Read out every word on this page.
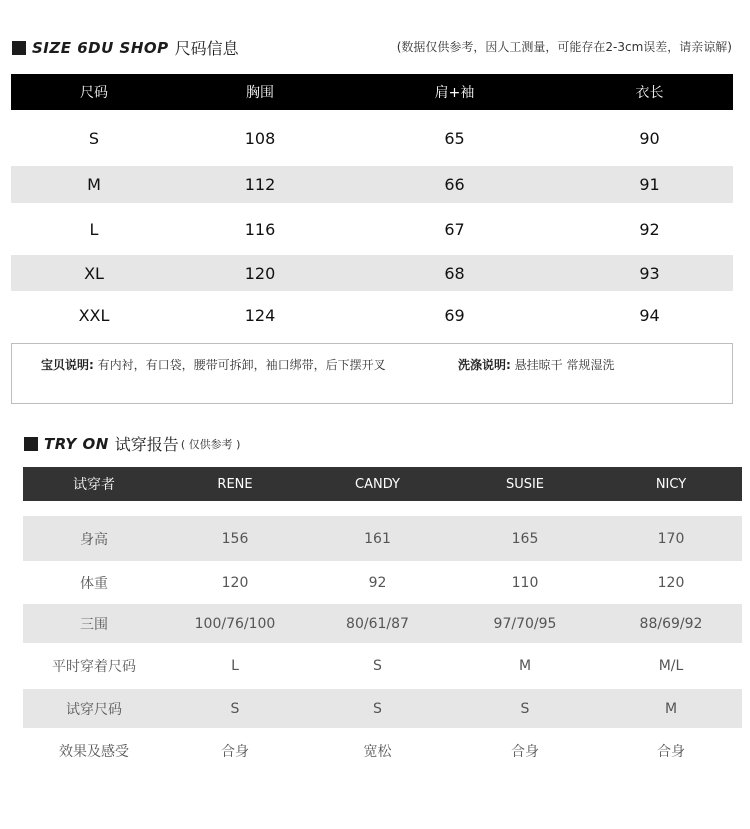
SIZE 6DU SHOP 尺码信息	(数据仅供参考，因人工测量，可能存在2-3cm误差，请亲谅解)
尺码	胸围	肩+袖	衣长
S	108	65	90
M	112	66	91
L	116	67	92
XL	120	68	93
XXL	124	69	94
宝贝说明: 有内衬，有口袋，腰带可拆卸，袖口绑带，后下摆开叉	洗涤说明: 悬挂晾干 常规湿洗
TRY ON 试穿报告 ( 仅供参考 )
试穿者	RENE	CANDY	SUSIE	NICY
身高	156	161	165	170
体重	120	92	110	120
三围	100/76/100	80/61/87	97/70/95	88/69/92
平时穿着尺码	L	S	M	M/L
试穿尺码	S	S	S	M
效果及感受	合身	宽松	合身	合身
